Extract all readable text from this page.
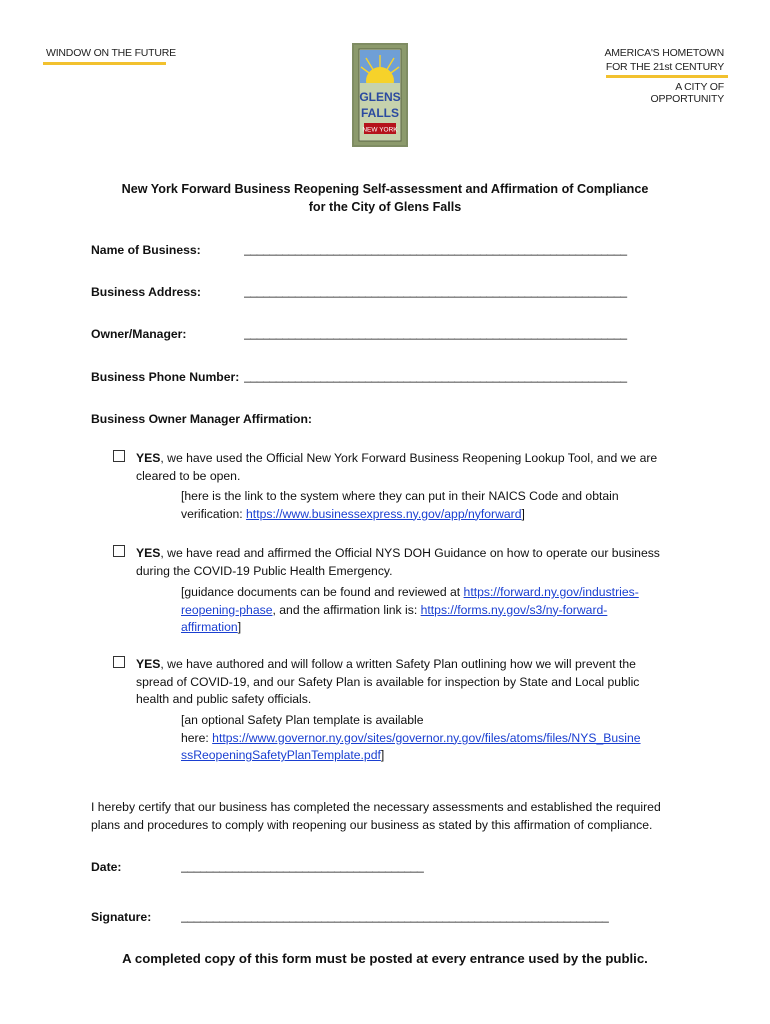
WINDOW ON THE FUTURE
GLENS
FALLS
NEW YORK
AMERICA'S HOMETOWN
FOR THE 21st CENTURY
A CITY OF OPPORTUNITY
New York Forward Business Reopening Self-assessment and Affirmation of Compliance
for the City of Glens Falls
Name of Business:	____________________________________________________________
Business Address:	____________________________________________________________
Owner/Manager:	____________________________________________________________
Business Phone Number: ____________________________________________________________
Business Owner Manager Affirmation:
YES, we have used the Official New York Forward Business Reopening Lookup Tool, and we are
cleared to be open.
[here is the link to the system where they can put in their NAICS Code and obtain
verification: https://www.businessexpress.ny.gov/app/nyforward]
YES, we have read and affirmed the Official NYS DOH Guidance on how to operate our business
during the COVID-19 Public Health Emergency.
[guidance documents can be found and reviewed at https://forward.ny.gov/industries-
reopening-phase, and the affirmation link is: https://forms.ny.gov/s3/ny-forward-
affirmation]
YES, we have authored and will follow a written Safety Plan outlining how we will prevent the
spread of COVID-19, and our Safety Plan is available for inspection by State and Local public
health and public safety officials.
[an optional Safety Plan template is available
here: https://www.governor.ny.gov/sites/governor.ny.gov/files/atoms/files/NYS_Busine
ssReopeningSafetyPlanTemplate.pdf]
I hereby certify that our business has completed the necessary assessments and established the required
plans and procedures to comply with reopening our business as stated by this affirmation of compliance.
Date:	______________________________________
Signature: ___________________________________________________________________
A completed copy of this form must be posted at every entrance used by the public.
